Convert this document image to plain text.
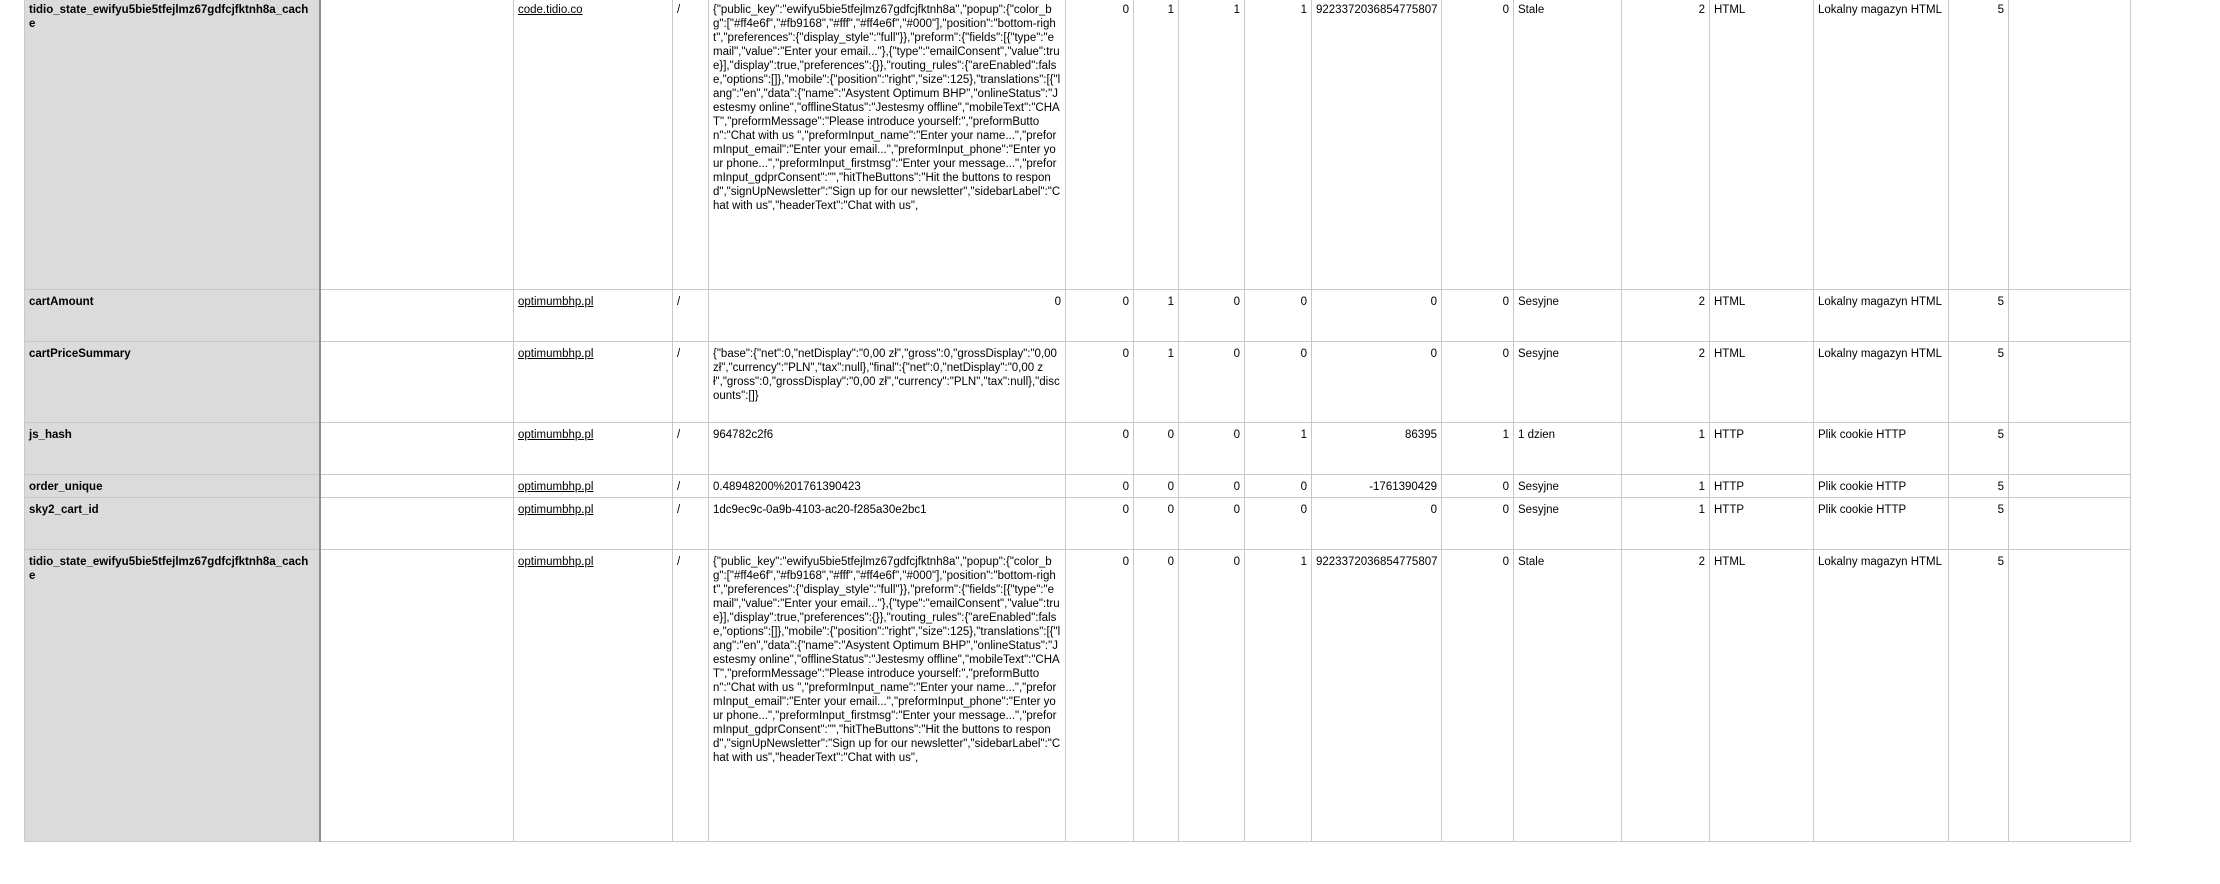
tidio_state_ewifyu5bie5tfejlmz67gdfcjfktnh8a_cache		code.tidio.co	/	{"public_key":"ewifyu5bie5tfejlmz67gdfcjfktnh8a","popup":{"color_bg":["#ff4e6f","#fb9168","#fff","#ff4e6f","#000"],"position":"bottom-right","preferences":{"display_style":"full"}},"preform":{"fields":[{"type":"email","value":"Enter your email..."},{"type":"emailConsent","value":true}],"display":true,"preferences":{}},"routing_rules":{"areEnabled":false,"options":[]},"mobile":{"position":"right","size":125},"translations":[{"lang":"en","data":{"name":"Asystent Optimum BHP","onlineStatus":"Jestesmy online","offlineStatus":"Jestesmy offline","mobileText":"CHAT","preformMessage":"Please introduce yourself:","preformButton":"Chat with us ","preformInput_name":"Enter your name...","preformInput_email":"Enter your email...","preformInput_phone":"Enter your phone...","preformInput_firstmsg":"Enter your message...","preformInput_gdprConsent":"","hitTheButtons":"Hit the buttons to respond","signUpNewsletter":"Sign up for our newsletter","sidebarLabel":"Chat with us","headerText":"Chat with us",	0	1	1	1	9223372036854775807	0	Stale	2	HTML	Lokalny magazyn HTML	5	
cartAmount		optimumbhp.pl	/	0	0	1	0	0	0	0	Sesyjne	2	HTML	Lokalny magazyn HTML	5	
cartPriceSummary		optimumbhp.pl	/	{"base":{"net":0,"netDisplay":"0,00 zł","gross":0,"grossDisplay":"0,00 zł","currency":"PLN","tax":null},"final":{"net":0,"netDisplay":"0,00 zł","gross":0,"grossDisplay":"0,00 zł","currency":"PLN","tax":null},"discounts":[]}	0	1	0	0	0	0	Sesyjne	2	HTML	Lokalny magazyn HTML	5	
js_hash		optimumbhp.pl	/	964782c2f6	0	0	0	1	86395	1	1 dzien	1	HTTP	Plik cookie HTTP	5	
order_unique		optimumbhp.pl	/	0.48948200%201761390423	0	0	0	0	-1761390429	0	Sesyjne	1	HTTP	Plik cookie HTTP	5	
sky2_cart_id		optimumbhp.pl	/	1dc9ec9c-0a9b-4103-ac20-f285a30e2bc1	0	0	0	0	0	0	Sesyjne	1	HTTP	Plik cookie HTTP	5	
tidio_state_ewifyu5bie5tfejlmz67gdfcjfktnh8a_cache		optimumbhp.pl	/	{"public_key":"ewifyu5bie5tfejlmz67gdfcjfktnh8a","popup":{"color_bg":["#ff4e6f","#fb9168","#fff","#ff4e6f","#000"],"position":"bottom-right","preferences":{"display_style":"full"}},"preform":{"fields":[{"type":"email","value":"Enter your email..."},{"type":"emailConsent","value":true}],"display":true,"preferences":{}},"routing_rules":{"areEnabled":false,"options":[]},"mobile":{"position":"right","size":125},"translations":[{"lang":"en","data":{"name":"Asystent Optimum BHP","onlineStatus":"Jestesmy online","offlineStatus":"Jestesmy offline","mobileText":"CHAT","preformMessage":"Please introduce yourself:","preformButton":"Chat with us ","preformInput_name":"Enter your name...","preformInput_email":"Enter your email...","preformInput_phone":"Enter your phone...","preformInput_firstmsg":"Enter your message...","preformInput_gdprConsent":"","hitTheButtons":"Hit the buttons to respond","signUpNewsletter":"Sign up for our newsletter","sidebarLabel":"Chat with us","headerText":"Chat with us",	0	0	0	1	9223372036854775807	0	Stale	2	HTML	Lokalny magazyn HTML	5	
